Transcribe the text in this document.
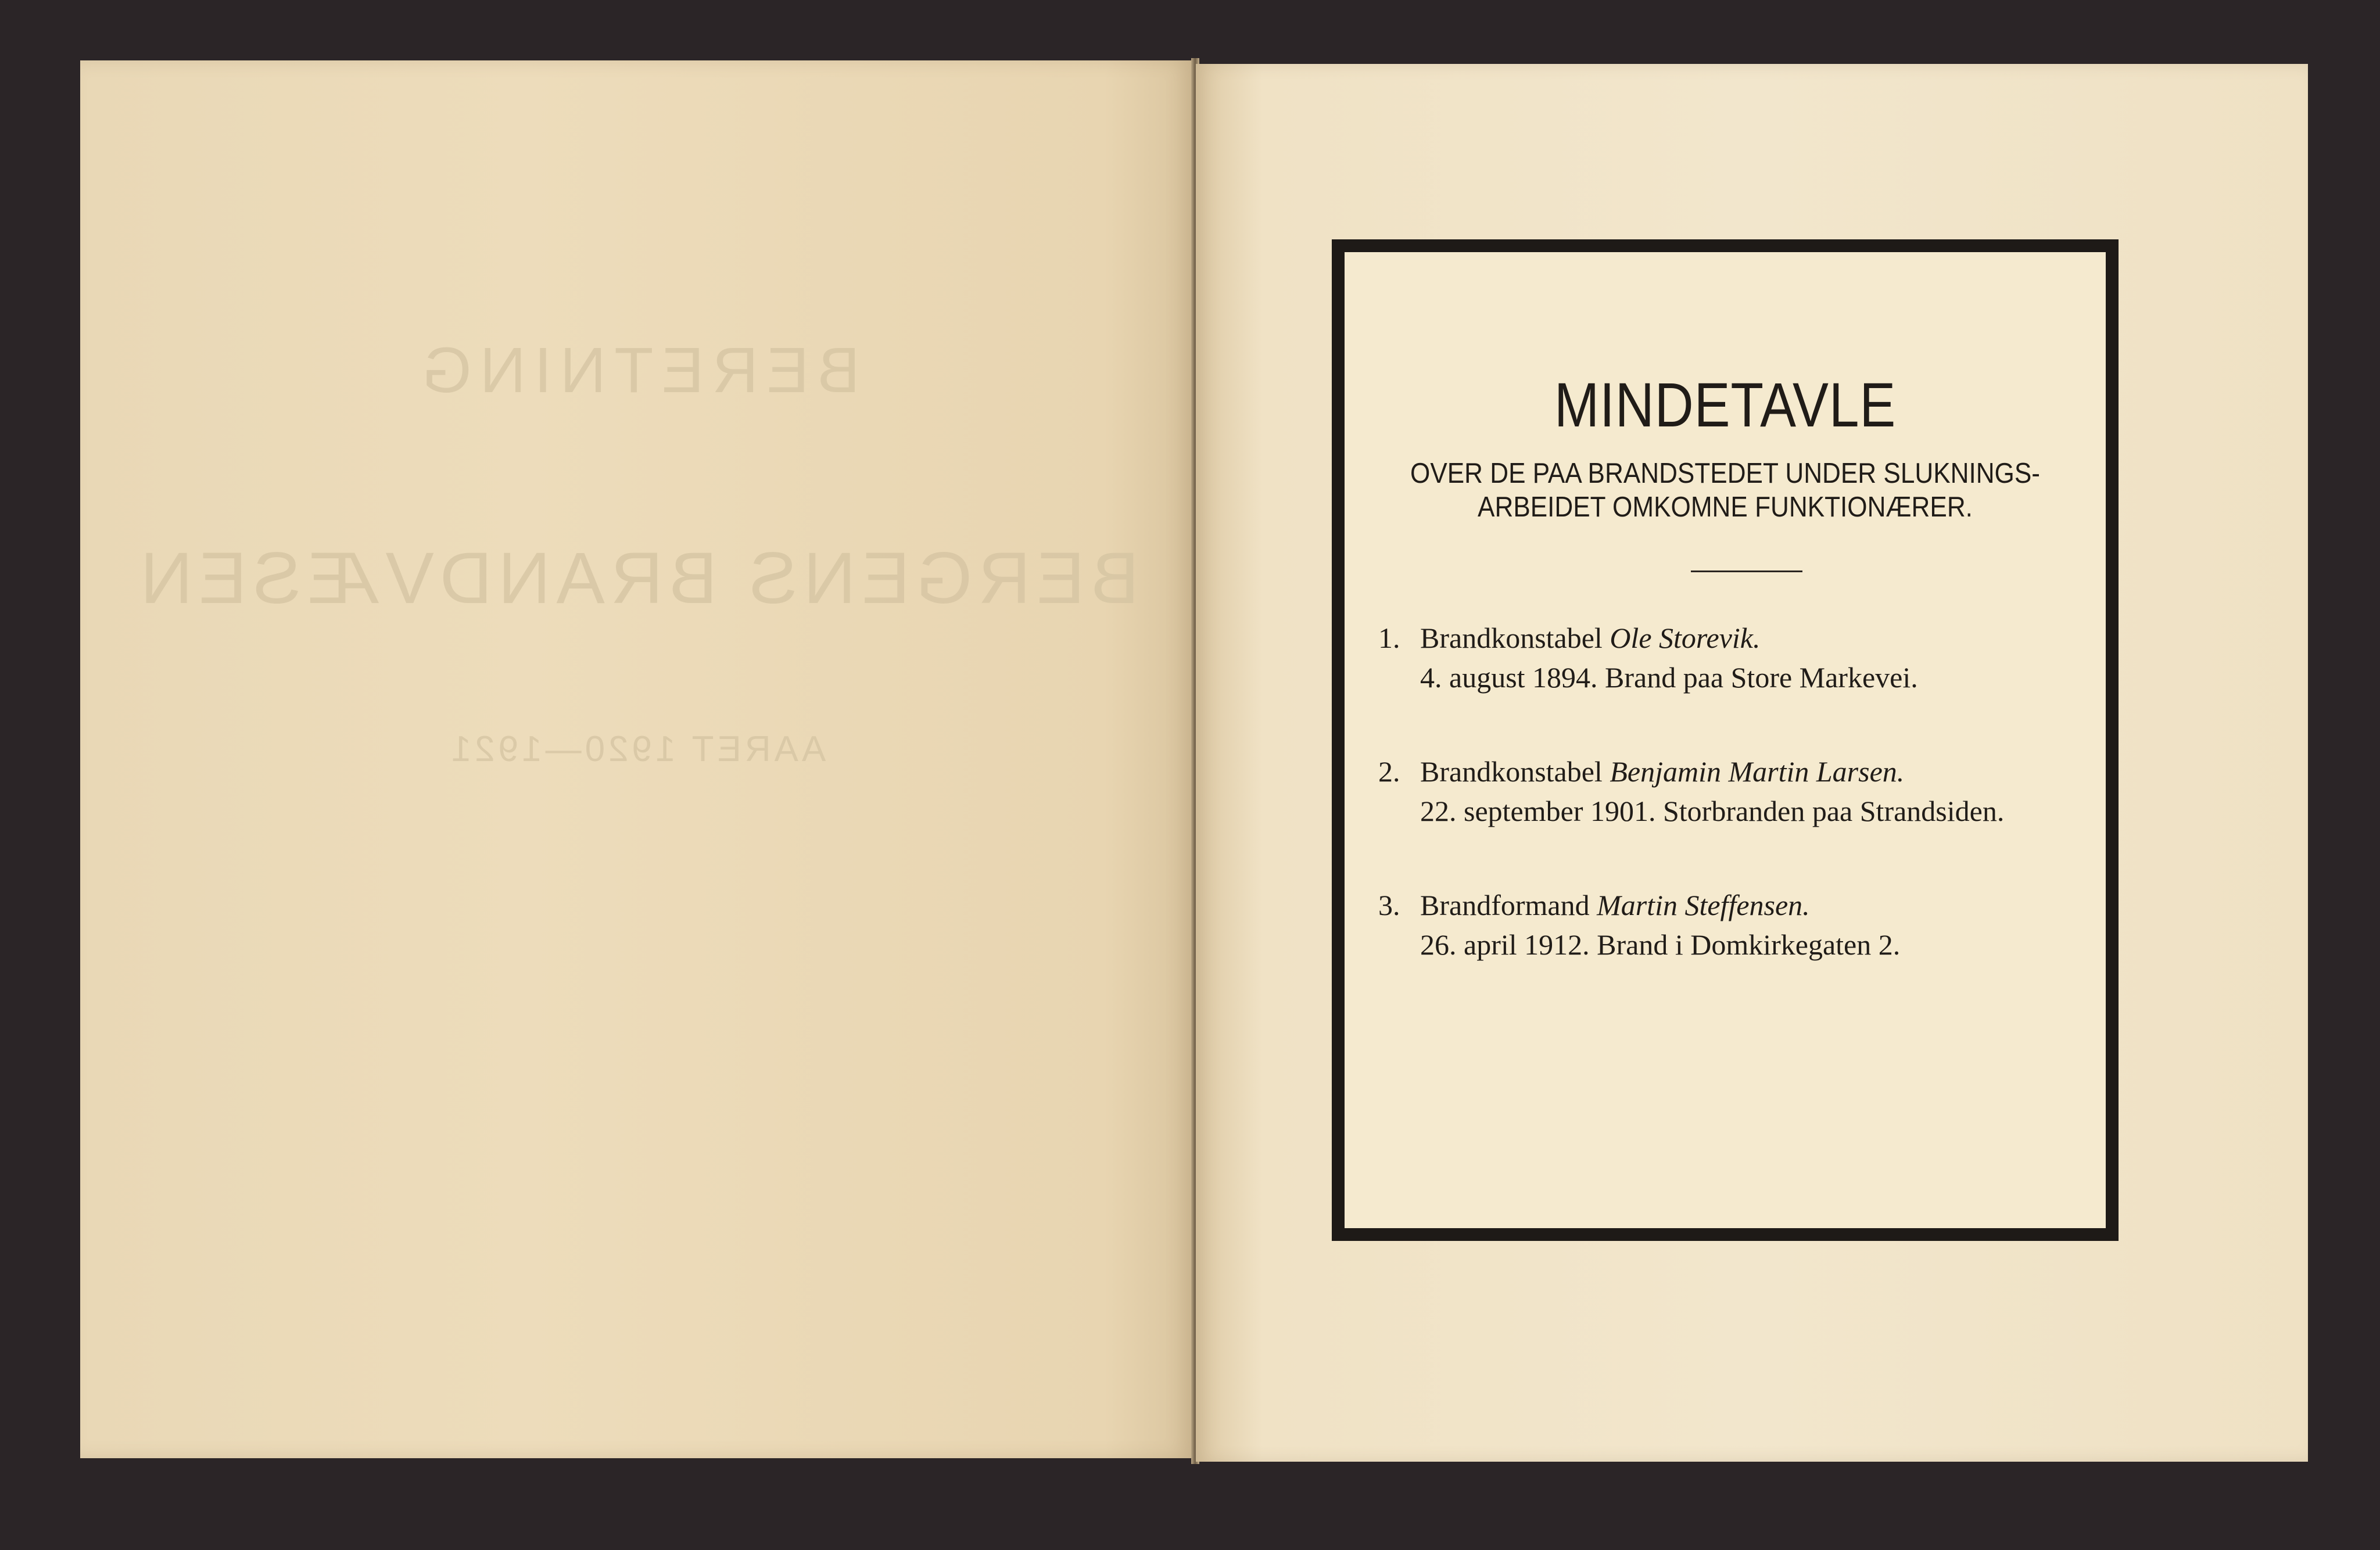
BERETNING
BERGENS BRANDVÆSEN
AARET 1920—1921
MINDETAVLE
OVER DE PAA BRANDSTEDET UNDER SLUKNINGS-
ARBEIDET OMKOMNE FUNKTIONÆRER.
1. Brandkonstabel Ole Storevik.
4. august 1894. Brand paa Store Markevei.
2. Brandkonstabel Benjamin Martin Larsen.
22. september 1901. Storbranden paa Strandsiden.
3. Brandformand Martin Steffensen.
26. april 1912. Brand i Domkirkegaten 2.
